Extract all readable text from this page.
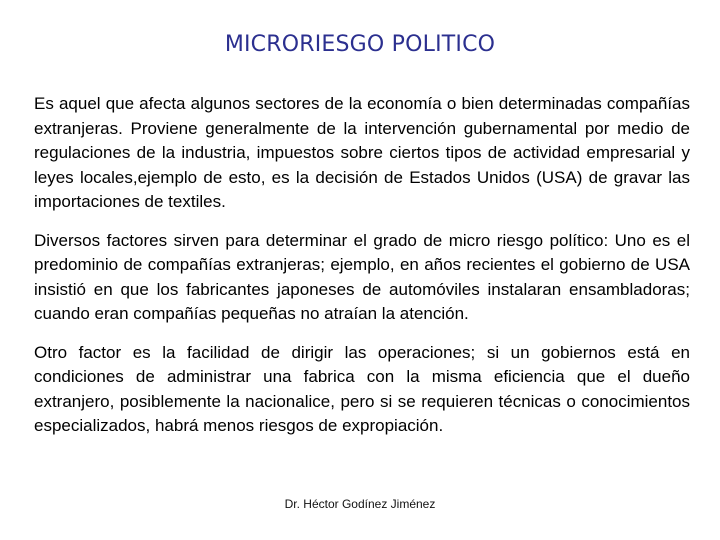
MICRORIESGO POLITICO

Es aquel que afecta algunos sectores de la economía o bien determinadas compañías extranjeras. Proviene generalmente de la intervención gubernamental por medio de regulaciones de la industria, impuestos sobre ciertos tipos de actividad empresarial y leyes locales,ejemplo de esto, es la decisión de Estados Unidos (USA) de gravar las importaciones de textiles.

Diversos factores sirven para determinar el grado de micro riesgo político: Uno es el predominio de compañías extranjeras; ejemplo, en años recientes el gobierno de USA insistió en que los fabricantes japoneses de automóviles instalaran ensambladoras; cuando eran compañías pequeñas no atraían la atención.

Otro factor es la facilidad de dirigir las operaciones; si un gobiernos está en condiciones de administrar una fabrica con la misma eficiencia que el dueño extranjero, posiblemente la nacionalice, pero si se requieren técnicas o conocimientos especializados, habrá menos riesgos de expropiación.

Dr. Héctor Godínez Jiménez
